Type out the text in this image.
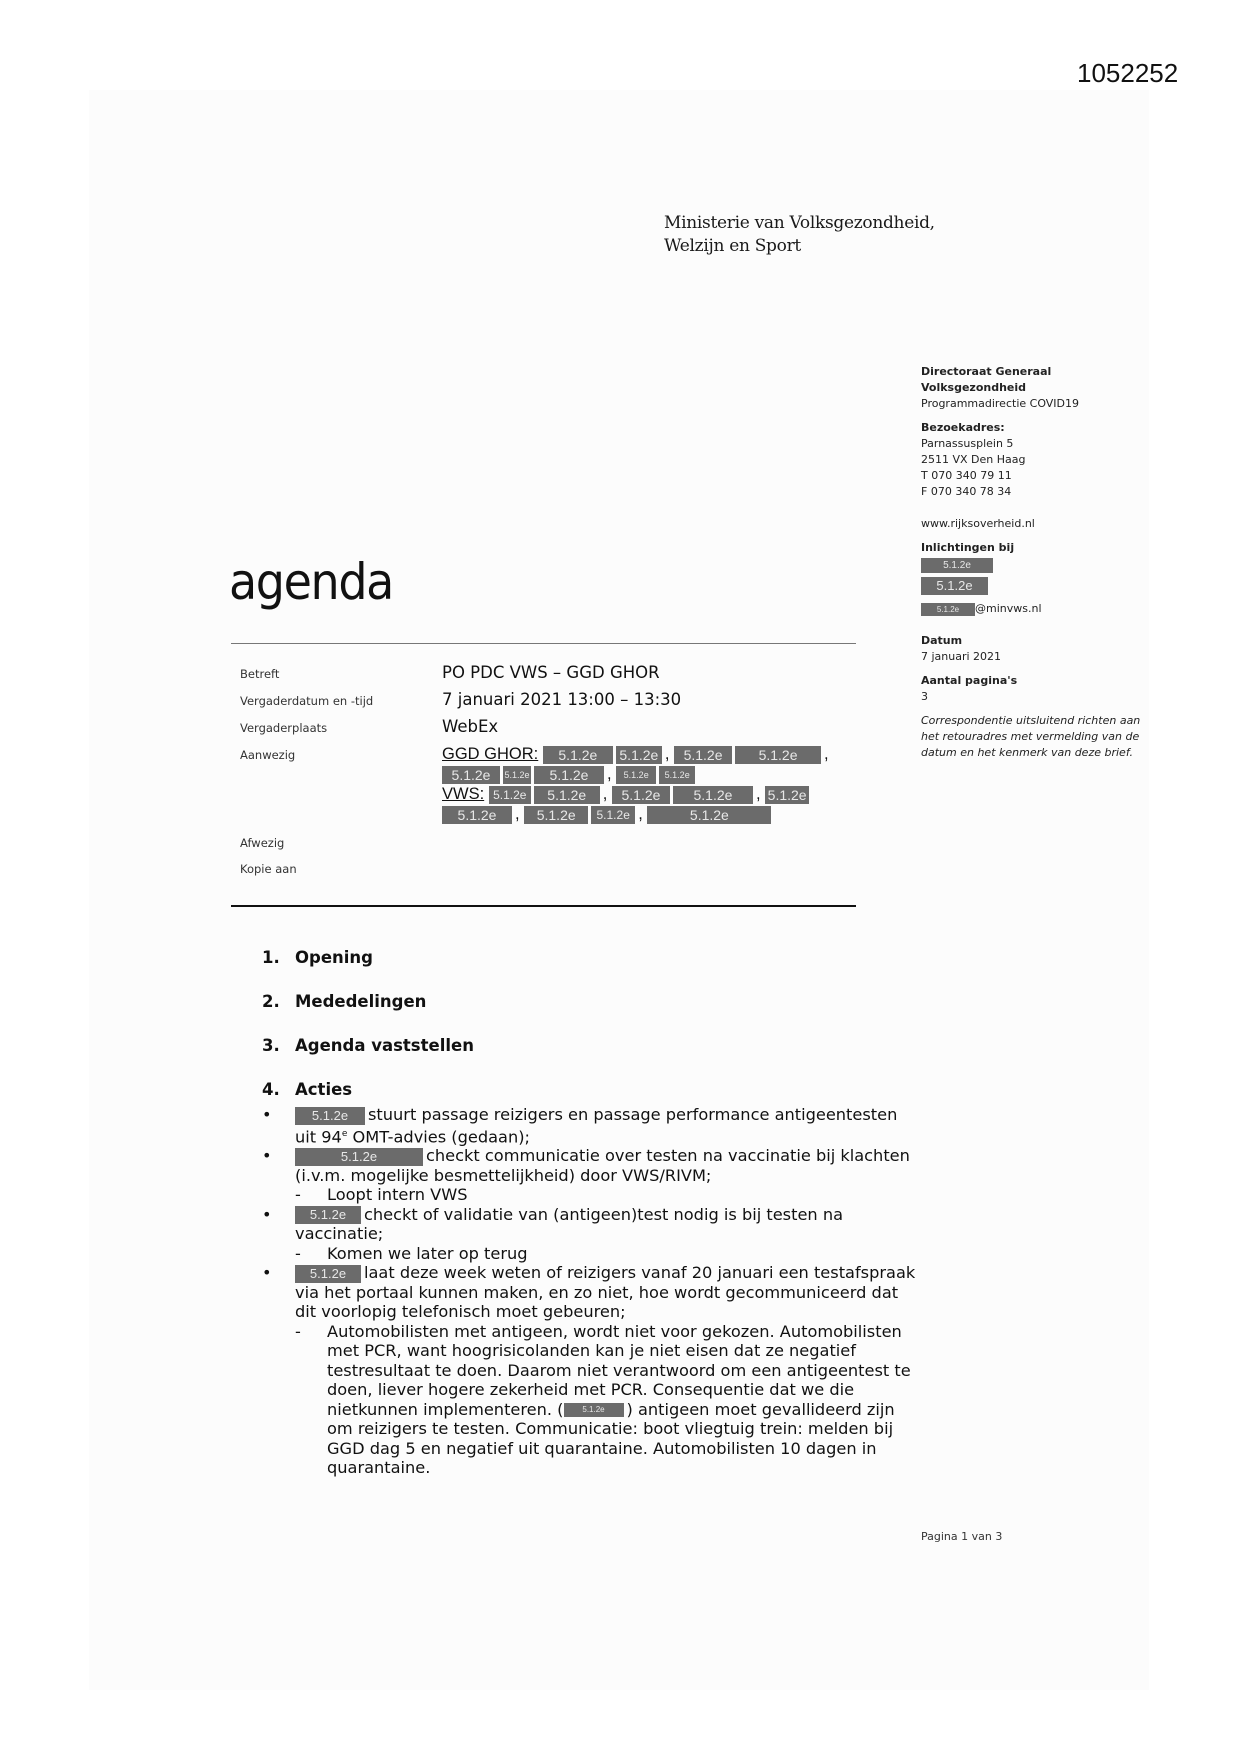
1052252
Ministerie van Volksgezondheid,
Welzijn en Sport
Directoraat Generaal
Volksgezondheid
Programmadirectie COVID19
Bezoekadres:
Parnassusplein 5
2511 VX Den Haag
T 070 340 79 11
F 070 340 78 34
www.rijksoverheid.nl
Inlichtingen bij
5.1.2e
5.1.2e
5.1.2e @minvws.nl
Datum
7 januari 2021
Aantal pagina's
3
Correspondentie uitsluitend richten aan het retouradres met vermelding van de datum en het kenmerk van deze brief.
agenda
Betreft	PO PDC VWS – GGD GHOR
Vergaderdatum en -tijd	7 januari 2021 13:00 – 13:30
Vergaderplaats	WebEx
Aanwezig	GGD GHOR: 5.1.2e 5.1.2e , 5.1.2e	5.1.2e ,
5.1.2e 5.1.2e 5.1.2e , 5.1.2e 5.1.2e
VWS: 5.1.2e 5.1.2e , 5.1.2e 5.1.2e , 5.1.2e
5.1.2e , 5.1.2e 5.1.2e ,	5.1.2e
Afwezig
Kopie aan
1. Opening
2. Mededelingen
3. Agenda vaststellen
4. Acties
•	5.1.2e stuurt passage reizigers en passage performance antigeentesten uit 94e OMT-advies (gedaan);
•	5.1.2e	checkt communicatie over testen na vaccinatie bij klachten (i.v.m. mogelijke besmettelijkheid) door VWS/RIVM;
- Loopt intern VWS
•	5.1.2e checkt of validatie van (antigeen)test nodig is bij testen na vaccinatie;
- Komen we later op terug
•	5.1.2e laat deze week weten of reizigers vanaf 20 januari een testafspraak via het portaal kunnen maken, en zo niet, hoe wordt gecommuniceerd dat dit voorlopig telefonisch moet gebeuren;
- Automobilisten met antigeen, wordt niet voor gekozen. Automobilisten met PCR, want hoogrisicolanden kan je niet eisen dat ze negatief testresultaat te doen. Daarom niet verantwoord om een antigeentest te doen, liever hogere zekerheid met PCR. Consequentie dat we die nietkunnen implementeren. ( 5.1.2e ) antigeen moet gevallideerd zijn om reizigers te testen. Communicatie: boot vliegtuig trein: melden bij GGD dag 5 en negatief uit quarantaine. Automobilisten 10 dagen in quarantaine.
Pagina 1 van 3
